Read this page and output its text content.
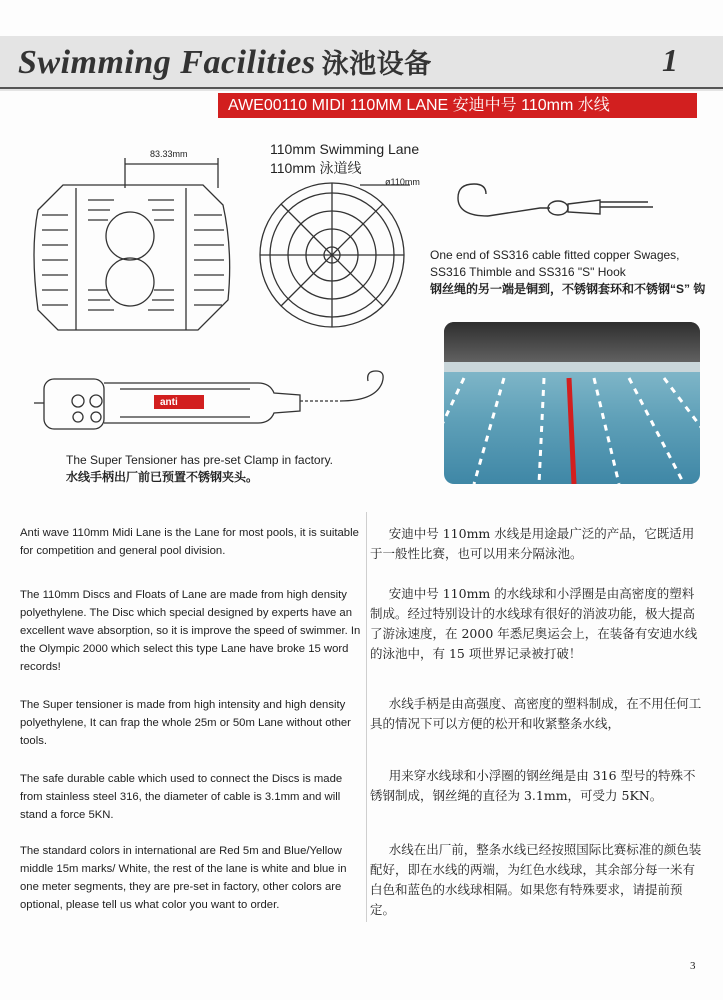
Swimming Facilities 泳池设备	1
AWE00110 MIDI 110MM LANE 安迪中号 110mm 水线
83.33mm	110mm Swimming Lane
110mm 泳道线
ø110mm
One end of SS316 cable fitted copper Swages,
SS316 Thimble and SS316 "S" Hook
钢丝绳的另一端是铜到，不锈钢套环和不锈钢“S” 钩
anti
The Super Tensioner has pre-set Clamp in factory.
水线手柄出厂前已预置不锈钢夹头。

Anti wave 110mm Midi Lane is the Lane for most pools, it is suitable for competition and general pool division.

The 110mm Discs and Floats of Lane are made from high density polyethylene. The Disc which special designed by experts have an excellent wave absorption, so it is improve the speed of swimmer. In the Olympic 2000 which select this type Lane have broke 15 word records!

The Super tensioner is made from high intensity and high density polyethylene, It can frap the whole 25m or 50m Lane without other tools.

The safe durable cable which used to connect the Discs is made from stainless steel 316, the diameter of cable is 3.1mm and will stand a force 5KN.

The standard colors in international are Red 5m and Blue/Yellow middle 15m marks/ White, the rest of the lane is white and blue in one meter segments, they are pre-set in factory, other colors are optional, please tell us what color you want to order.

安迪中号 110mm 水线是用途最广泛的产品，它既适用于一般性比赛，也可以用来分隔泳池。

安迪中号 110mm 的水线球和小浮圈是由高密度的塑料制成。经过特别设计的水线球有很好的消波功能，极大提高了游泳速度，在 2000 年悉尼奥运会上，在装备有安迪水线的泳池中，有 15 项世界记录被打破！

水线手柄是由高强度、高密度的塑料制成，在不用任何工具的情况下可以方便的松开和收紧整条水线，

用来穿水线球和小浮圈的钢丝绳是由 316 型号的特殊不锈钢制成，钢丝绳的直径为 3.1mm，可受力 5KN。

水线在出厂前，整条水线已经按照国际比赛标准的颜色装配好，即在水线的两端，为红色水线球，其余部分每一米有白色和蓝色的水线球相隔。如果您有特殊要求，请提前预定。

3
